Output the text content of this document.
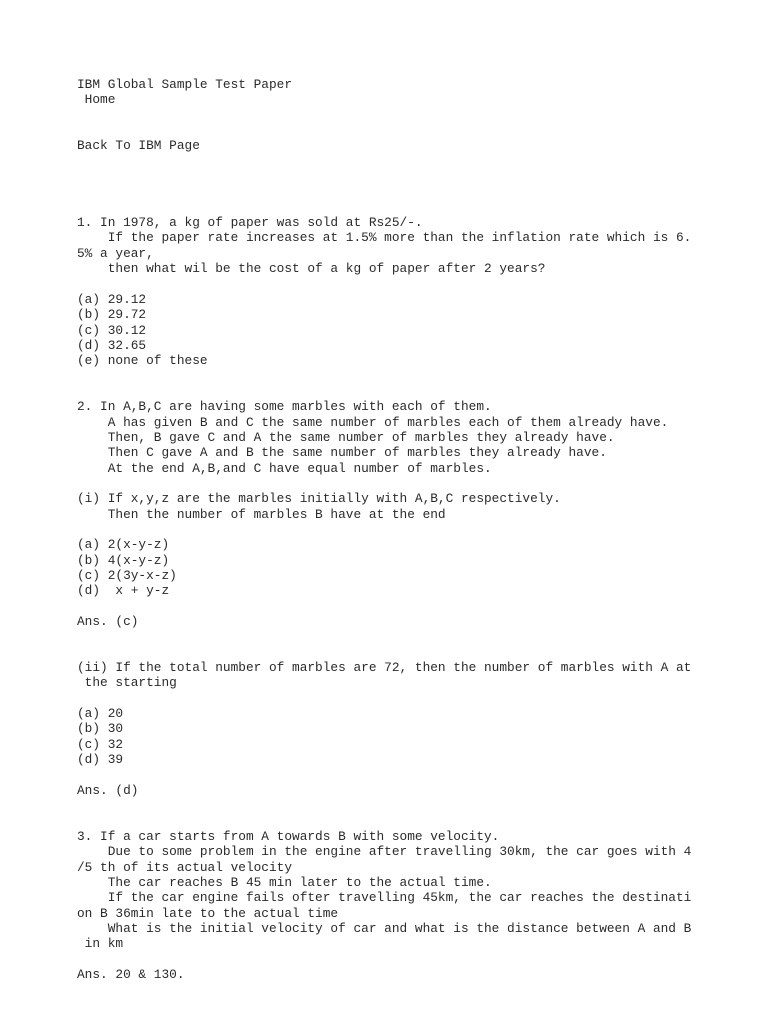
IBM Global Sample Test Paper
Home
Back To IBM Page
1. In 1978, a kg of paper was sold at Rs25/-.
If the paper rate increases at 1.5% more than the inflation rate which is 6.
5% a year,
then what wil be the cost of a kg of paper after 2 years?
(a) 29.12
(b) 29.72
(c) 30.12
(d) 32.65
(e) none of these
2. In A,B,C are having some marbles with each of them.
A has given B and C the same number of marbles each of them already have.
Then, B gave C and A the same number of marbles they already have.
Then C gave A and B the same number of marbles they already have.
At the end A,B,and C have equal number of marbles.
(i) If x,y,z are the marbles initially with A,B,C respectively.
Then the number of marbles B have at the end
(a) 2(x-y-z)
(b) 4(x-y-z)
(c) 2(3y-x-z)
(d)  x + y-z
Ans. (c)
(ii) If the total number of marbles are 72, then the number of marbles with A at
the starting
(a) 20
(b) 30
(c) 32
(d) 39
Ans. (d)
3. If a car starts from A towards B with some velocity.
Due to some problem in the engine after travelling 30km, the car goes with 4
/5 th of its actual velocity
The car reaches B 45 min later to the actual time.
If the car engine fails ofter travelling 45km, the car reaches the destinati
on B 36min late to the actual time
What is the initial velocity of car and what is the distance between A and B
in km
Ans. 20 & 130.
